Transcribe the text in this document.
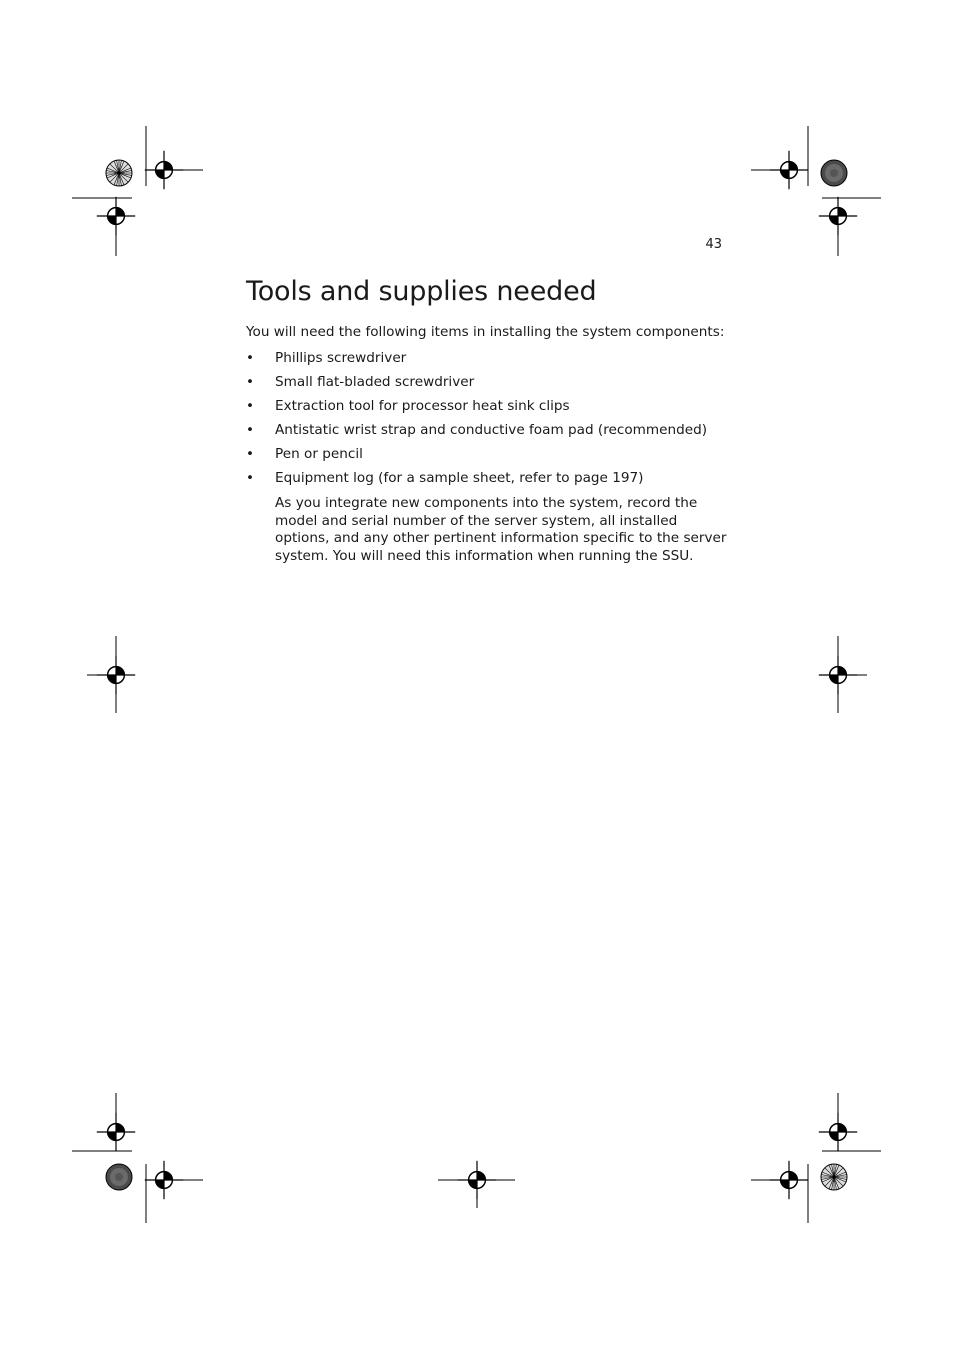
43
Tools and supplies needed

You will need the following items in installing the system components:

• Phillips screwdriver
• Small flat-bladed screwdriver
• Extraction tool for processor heat sink clips
• Antistatic wrist strap and conductive foam pad (recommended)
• Pen or pencil
• Equipment log (for a sample sheet, refer to page 197)

As you integrate new components into the system, record the model and serial number of the server system, all installed options, and any other pertinent information specific to the server system. You will need this information when running the SSU.
